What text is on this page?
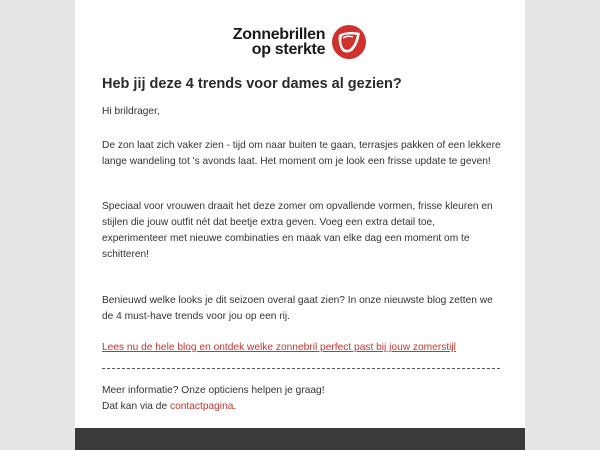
Zonnebrillen
op sterkte
Heb jij deze 4 trends voor dames al gezien?

Hi brildrager,

De zon laat zich vaker zien - tijd om naar buiten te gaan, terrasjes pakken of een lekkere lange wandeling tot 's avonds laat. Het moment om je look een frisse update te geven!

Speciaal voor vrouwen draait het deze zomer om opvallende vormen, frisse kleuren en stijlen die jouw outfit nét dat beetje extra geven. Voeg een extra detail toe, experimenteer met nieuwe combinaties en maak van elke dag een moment om te schitteren!

Benieuwd welke looks je dit seizoen overal gaat zien? In onze nieuwste blog zetten we de 4 must-have trends voor jou op een rij.

Lees nu de hele blog en ontdek welke zonnebril perfect past bij jouw zomerstijl

Meer informatie? Onze opticiens helpen je graag!
Dat kan via de contactpagina.
